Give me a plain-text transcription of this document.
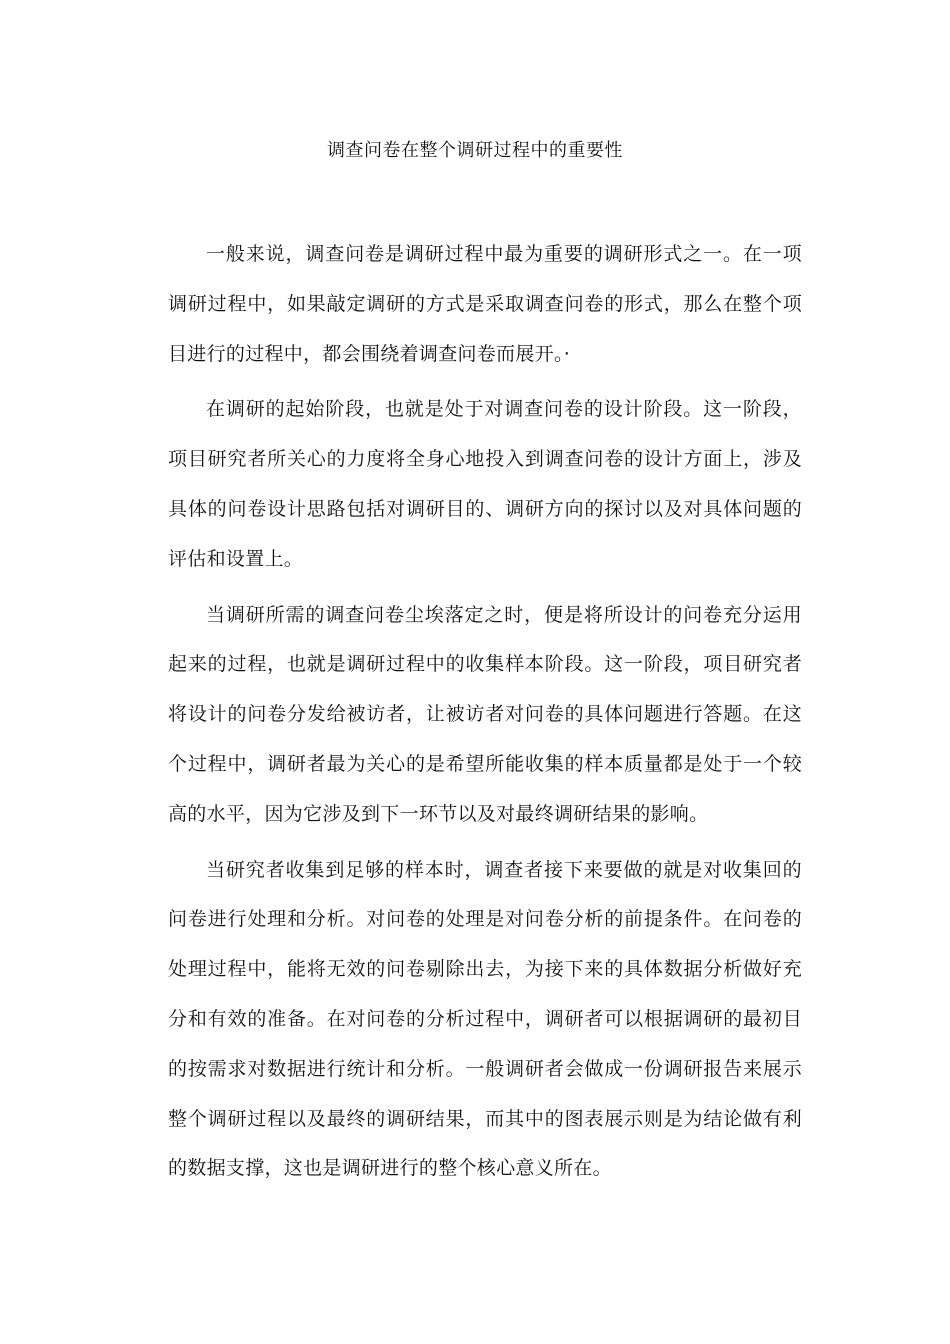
调查问卷在整个调研过程中的重要性

一般来说，调查问卷是调研过程中最为重要的调研形式之一。在一项调研过程中，如果敲定调研的方式是采取调查问卷的形式，那么在整个项目进行的过程中，都会围绕着调查问卷而展开。·

在调研的起始阶段，也就是处于对调查问卷的设计阶段。这一阶段，项目研究者所关心的力度将全身心地投入到调查问卷的设计方面上，涉及具体的问卷设计思路包括对调研目的、调研方向的探讨以及对具体问题的评估和设置上。

当调研所需的调查问卷尘埃落定之时，便是将所设计的问卷充分运用起来的过程，也就是调研过程中的收集样本阶段。这一阶段，项目研究者将设计的问卷分发给被访者，让被访者对问卷的具体问题进行答题。在这个过程中，调研者最为关心的是希望所能收集的样本质量都是处于一个较高的水平，因为它涉及到下一环节以及对最终调研结果的影响。

当研究者收集到足够的样本时，调查者接下来要做的就是对收集回的问卷进行处理和分析。对问卷的处理是对问卷分析的前提条件。在问卷的处理过程中，能将无效的问卷剔除出去，为接下来的具体数据分析做好充分和有效的准备。在对问卷的分析过程中，调研者可以根据调研的最初目的按需求对数据进行统计和分析。一般调研者会做成一份调研报告来展示整个调研过程以及最终的调研结果，而其中的图表展示则是为结论做有利的数据支撑，这也是调研进行的整个核心意义所在。
